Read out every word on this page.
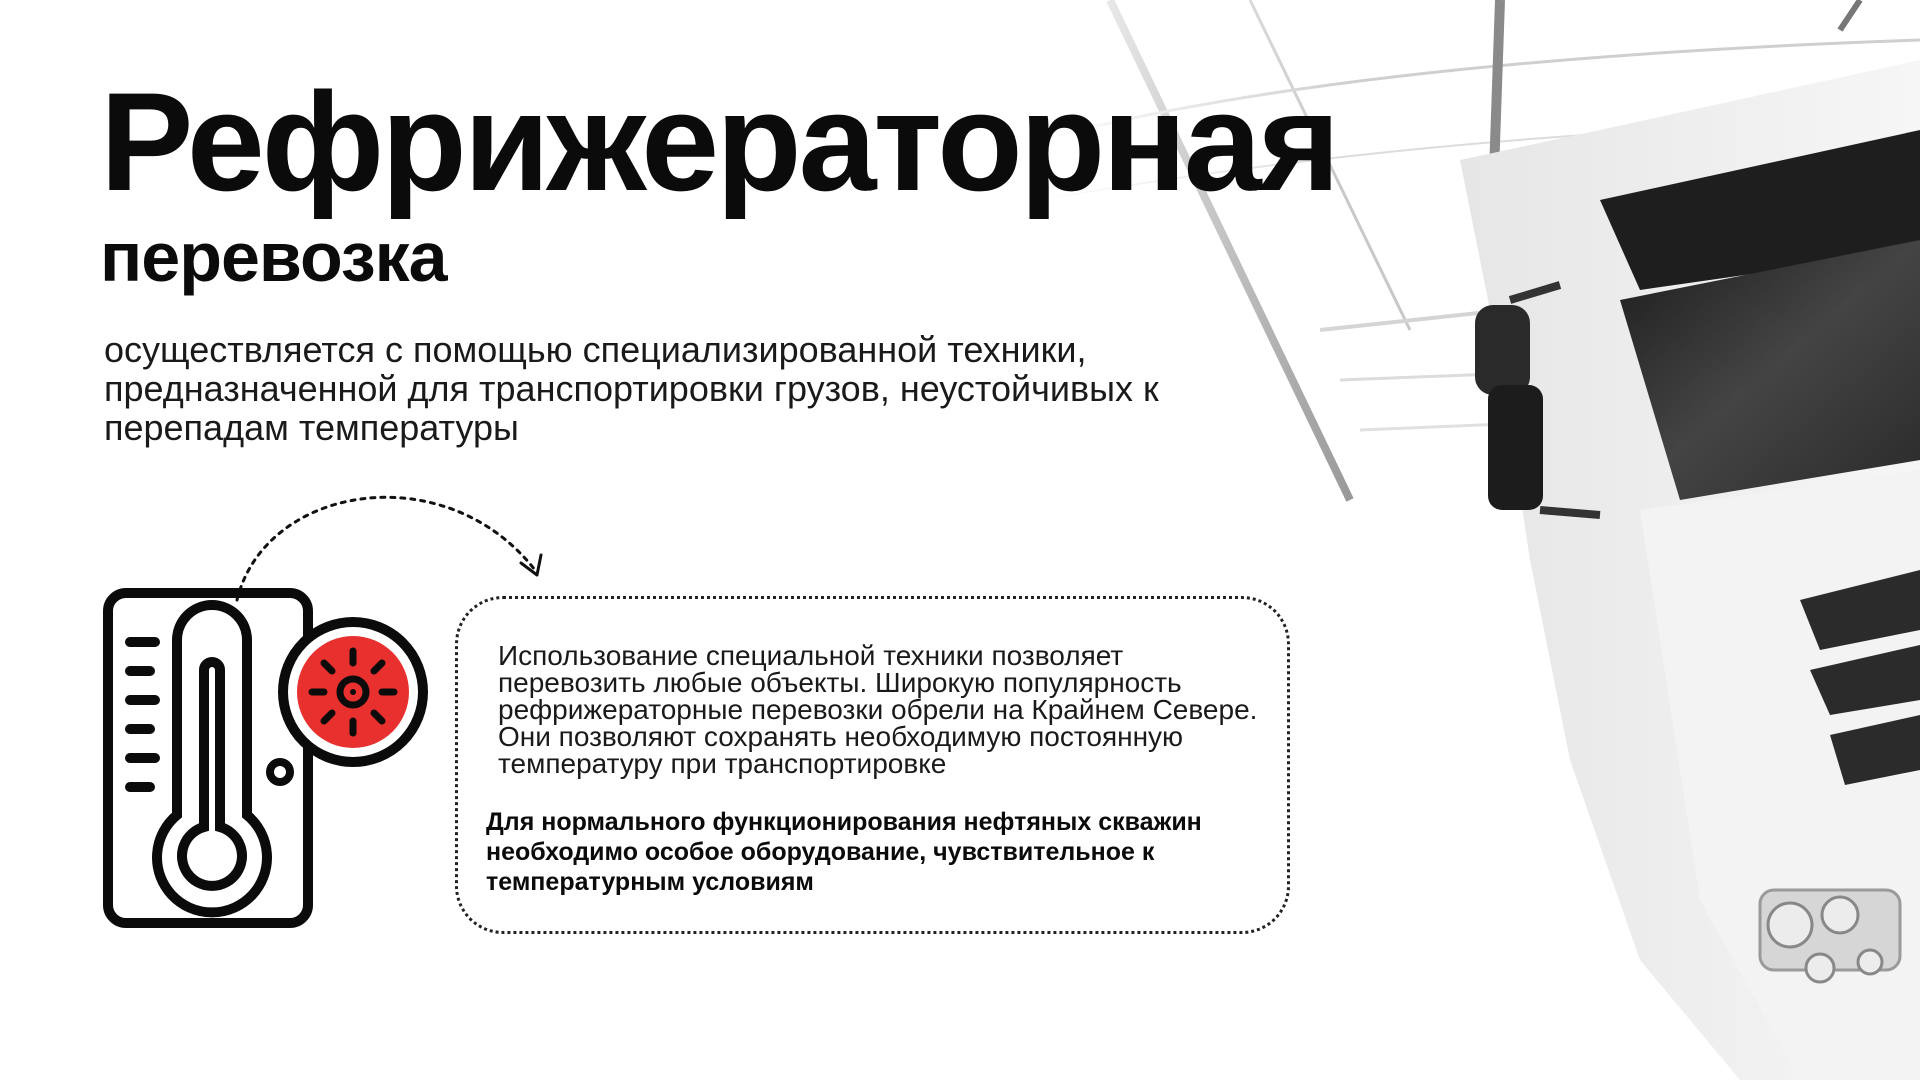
Рефрижераторная
перевозка

осуществляется с помощью специализированной техники, предназначенной для транспортировки грузов, неустойчивых к перепадам температуры

Использование специальной техники позволяет перевозить любые объекты. Широкую популярность рефрижераторные перевозки обрели на Крайнем Севере. Они позволяют сохранять необходимую постоянную температуру при транспортировке

Для нормального функционирования нефтяных скважин необходимо особое оборудование, чувствительное к температурным условиям
